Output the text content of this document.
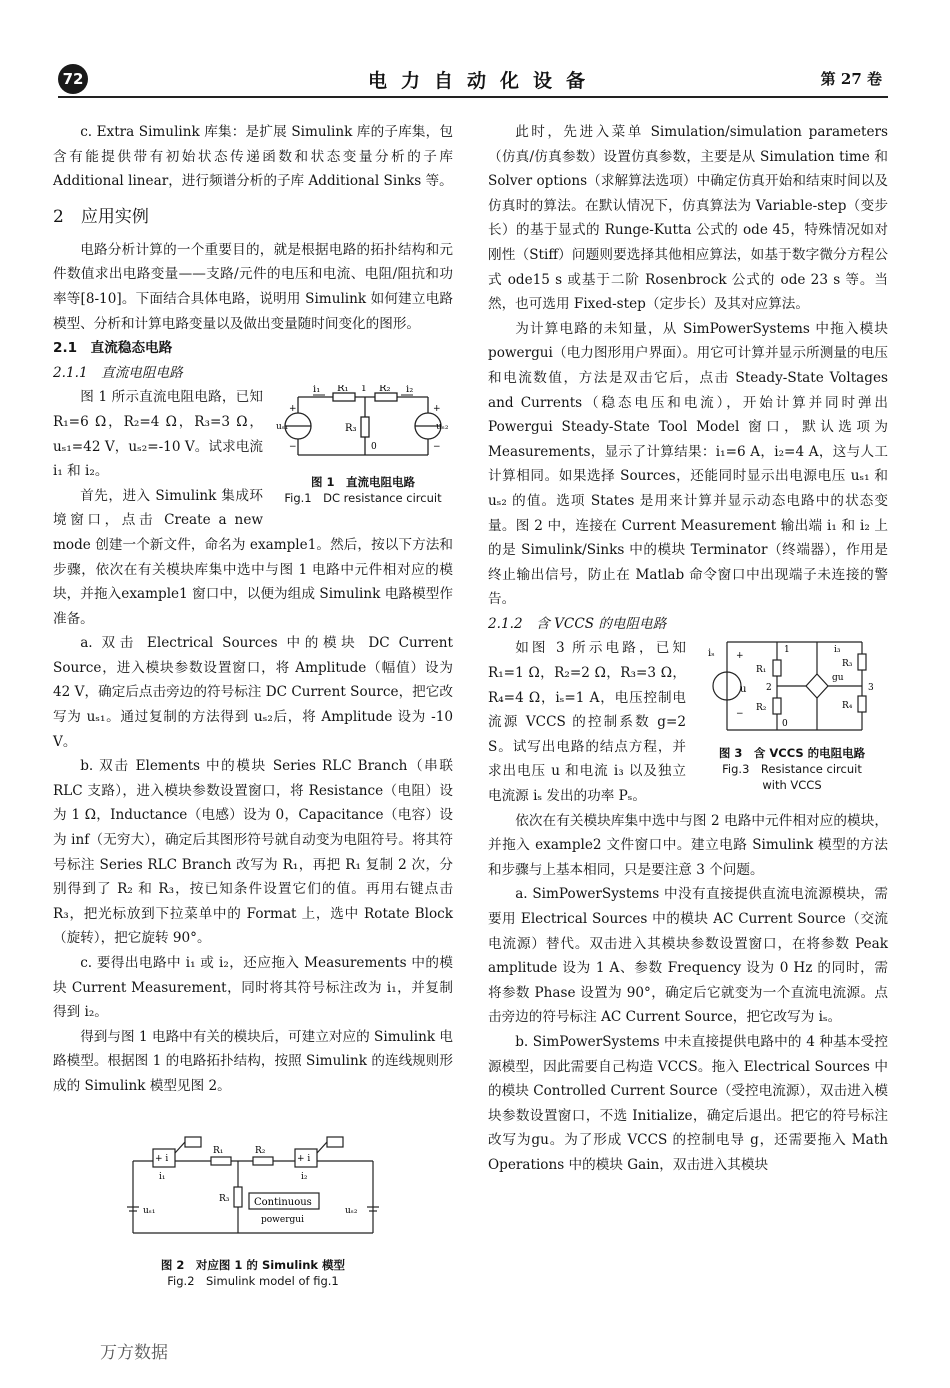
72	电力自动化设备	第 27 卷

c. Extra Simulink 库集：是扩展 Simulink 库的子库集，包含有能提供带有初始状态传递函数和状态变量分析的子库 Additional linear，进行频谱分析的子库 Additional Sinks 等。

2　应用实例

电路分析计算的一个重要目的，就是根据电路的拓扑结构和元件数值求出电路变量——支路/元件的电压和电流、电阻/阻抗和功率等[8-10]。下面结合具体电路，说明用 Simulink 如何建立电路模型、分析和计算电路变量以及做出变量随时间变化的图形。

2.1　直流稳态电路
2.1.1　直流电阻电路
i₁ R₁ 1 R₂ i₂
R₃
0
+
−
uₛ₁
+
−
uₛ₂
图 1　直流电阻电路
Fig.1　DC resistance circuit

图 1 所示直流电阻电路，已知 R₁=6 Ω，R₂=4 Ω，R₃=3 Ω，uₛ₁=42 V，uₛ₂=-10 V。试求电流 i₁ 和 i₂。

首先，进入 Simulink 集成环境窗口，点击 Create a new mode 创建一个新文件，命名为 example1。然后，按以下方法和步骤，依次在有关模块库集中选中与图 1 电路中元件相对应的模块，并拖入example1 窗口中，以便为组成 Simulink 电路模型作准备。

a. 双击 Electrical Sources 中的模块 DC Current Source，进入模块参数设置窗口，将 Amplitude（幅值）设为 42 V，确定后点击旁边的符号标注 DC Current Source，把它改写为 uₛ₁。通过复制的方法得到 uₛ₂后，将 Amplitude 设为 -10 V。

b. 双击 Elements 中的模块 Series RLC Branch（串联 RLC 支路），进入模块参数设置窗口，将 Resistance（电阻）设为 1 Ω，Inductance（电感）设为 0，Capacitance（电容）设为 inf（无穷大），确定后其图形符号就自动变为电阻符号。将其符号标注 Series RLC Branch 改写为 R₁，再把 R₁ 复制 2 次，分别得到了 R₂ 和 R₃，按已知条件设置它们的值。再用右键点击 R₃，把光标放到下拉菜单中的 Format 上，选中 Rotate Block（旋转），把它旋转 90°。

c. 要得出电路中 i₁ 或 i₂，还应拖入 Measurements 中的模块 Current Measurement，同时将其符号标注改为 i₁，并复制得到 i₂。

得到与图 1 电路中有关的模块后，可建立对应的 Simulink 电路模型。根据图 1 的电路拓扑结构，按照 Simulink 的连线规则形成的 Simulink 模型见图 2。

+ i	+ i
i₁	i₂
R₁	R₂
R₃
uₛ₁	uₛ₂
Continuous
powergui
图 2　对应图 1 的 Simulink 模型
Fig.2　Simulink model of fig.1

此时，先进入菜单 Simulation/simulation parameters（仿真/仿真参数）设置仿真参数，主要是从 Simulation time 和 Solver options（求解算法选项）中确定仿真开始和结束时间以及仿真时的算法。在默认情况下，仿真算法为 Variable-step（变步长）的基于显式的 Runge-Kutta 公式的 ode 45，特殊情况如对刚性（Stiff）问题则要选择其他相应算法，如基于数字微分方程公式 ode15 s 或基于二阶 Rosenbrock 公式的 ode 23 s 等。当然，也可选用 Fixed-step（定步长）及其对应算法。

为计算电路的未知量，从 SimPowerSystems 中拖入模块 powergui（电力图形用户界面）。用它可计算并显示所测量的电压和电流数值，方法是双击它后，点击 Steady-State Voltages and Currents（稳态电压和电流），开始计算并同时弹出 Powergui Steady-State Tool Model 窗口，默认选项为 Measurements，显示了计算结果：i₁=6 A，i₂=4 A，这与人工计算相同。如果选择 Sources，还能同时显示出电源电压 uₛ₁ 和 uₛ₂ 的值。选项 States 是用来计算并显示动态电路中的状态变量。图 2 中，连接在 Current Measurement 输出端 i₁ 和 i₂ 上的是 Simulink/Sinks 中的模块 Terminator（终端器），作用是终止输出信号，防止在 Matlab 命令窗口中出现端子未连接的警告。

2.1.2　含 VCCS 的电阻电路
iₛ +
−
u
R₁
R₂
R₃
R₄
1
2	3
0
i₃
gu
图 3　含 VCCS 的电阻电路
Fig.3　Resistance circuit
with VCCS

如图 3 所示电路，已知 R₁=1 Ω，R₂=2 Ω，R₃=3 Ω，R₄=4 Ω，iₛ=1 A，电压控制电流源 VCCS 的控制系数 g=2 S。试写出电路的结点方程，并求出电压 u 和电流 i₃ 以及独立电流源 iₛ 发出的功率 Pₛ。

依次在有关模块库集中选中与图 2 电路中元件相对应的模块，并拖入 example2 文件窗口中。建立电路 Simulink 模型的方法和步骤与上基本相同，只是要注意 3 个问题。

a. SimPowerSystems 中没有直接提供直流电流源模块，需要用 Electrical Sources 中的模块 AC Current Source（交流电流源）替代。双击进入其模块参数设置窗口，在将参数 Peak amplitude 设为 1 A、参数 Frequency 设为 0 Hz 的同时，需将参数 Phase 设置为 90°，确定后它就变为一个直流电流源。点击旁边的符号标注 AC Current Source，把它改写为 iₛ。

b. SimPowerSystems 中未直接提供电路中的 4 种基本受控源模型，因此需要自己构造 VCCS。拖入 Electrical Sources 中的模块 Controlled Current Source（受控电流源），双击进入模块参数设置窗口，不选 Initialize，确定后退出。把它的符号标注改写为gu。为了形成 VCCS 的控制电导 g，还需要拖入 Math Operations 中的模块 Gain，双击进入其模块

万方数据
